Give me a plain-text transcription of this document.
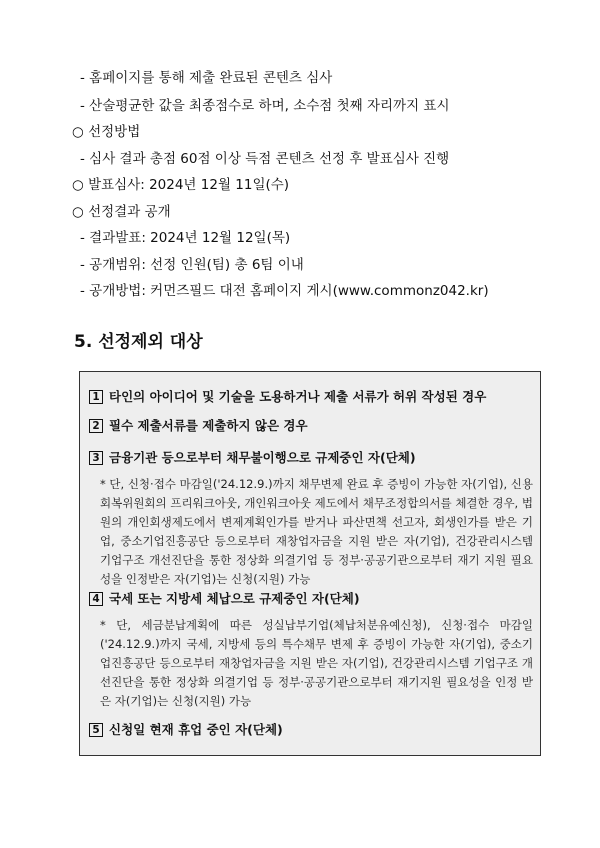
- 홈페이지를 통해 제출 완료된 콘텐츠 심사
- 산술평균한 값을 최종점수로 하며, 소수점 첫째 자리까지 표시
○ 선정방법
- 심사 결과 총점 60점 이상 득점 콘텐츠 선정 후 발표심사 진행
○ 발표심사: 2024년 12월 11일(수)
○ 선정결과 공개
- 결과발표: 2024년 12월 12일(목)
- 공개범위: 선정 인원(팀) 총 6팀 이내
- 공개방법: 커먼즈필드 대전 홈페이지 게시(www.commonz042.kr)
5. 선정제외 대상
1 타인의 아이디어 및 기술을 도용하거나 제출 서류가 허위 작성된 경우
2 필수 제출서류를 제출하지 않은 경우
3 금융기관 등으로부터 채무불이행으로 규제중인 자(단체)
* 단, 신청·접수 마감일('24.12.9.)까지 채무변제 완료 후 증빙이 가능한 자(기업), 신용회복위원회의 프리워크아웃, 개인워크아웃 제도에서 채무조정합의서를 체결한 경우, 법원의 개인회생제도에서 변제계획인가를 받거나 파산면책 선고자, 회생인가를 받은 기업, 중소기업진흥공단 등으로부터 재창업자금을 지원 받은 자(기업), 건강관리시스템 기업구조 개선진단을 통한 정상화 의결기업 등 정부·공공기관으로부터 재기 지원 필요성을 인정받은 자(기업)는 신청(지원) 가능
4 국세 또는 지방세 체납으로 규제중인 자(단체)
* 단, 세금분납계획에 따른 성실납부기업(체납처분유예신청), 신청·접수 마감일('24.12.9.)까지 국세, 지방세 등의 특수채무 변제 후 증빙이 가능한 자(기업), 중소기업진흥공단 등으로부터 재창업자금을 지원 받은 자(기업), 건강관리시스템 기업구조 개선진단을 통한 정상화 의결기업 등 정부·공공기관으로부터 재기지원 필요성을 인정 받은 자(기업)는 신청(지원) 가능
5 신청일 현재 휴업 중인 자(단체)
